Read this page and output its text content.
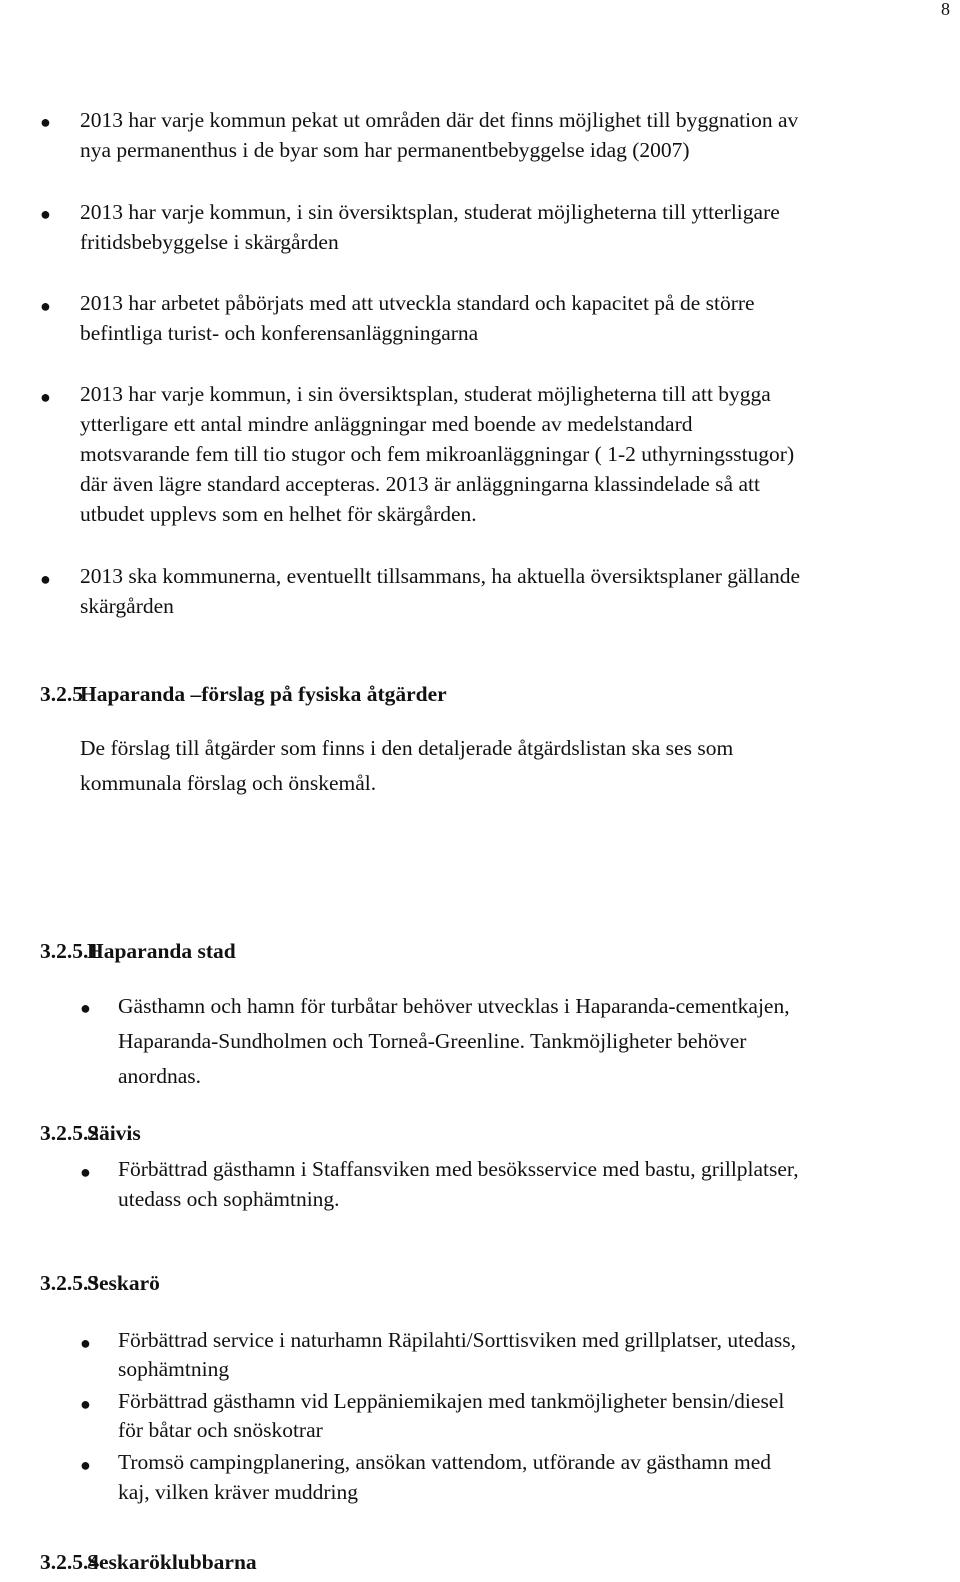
8
● 2013 har varje kommun pekat ut områden där det finns möjlighet till byggnation av
nya permanenthus i de byar som har permanentbebyggelse idag (2007)
● 2013 har varje kommun, i sin översiktsplan, studerat möjligheterna till ytterligare
fritidsbebyggelse i skärgården
● 2013 har arbetet påbörjats med att utveckla standard och kapacitet på de större
befintliga turist- och konferensanläggningarna
● 2013 har varje kommun, i sin översiktsplan, studerat möjligheterna till att bygga
ytterligare ett antal mindre anläggningar med boende av medelstandard
motsvarande fem till tio stugor och fem mikroanläggningar ( 1-2 uthyrningsstugor)
där även lägre standard accepteras. 2013 är anläggningarna klassindelade så att
utbudet upplevs som en helhet för skärgården.
● 2013 ska kommunerna, eventuellt tillsammans, ha aktuella översiktsplaner gällande
skärgården
3.2.5
Haparanda –förslag på fysiska åtgärder
De förslag till åtgärder som finns i den detaljerade åtgärdslistan ska ses som
kommunala förslag och önskemål.
3.2.5.1
Haparanda stad
● Gästhamn och hamn för turbåtar behöver utvecklas i Haparanda-cementkajen,
Haparanda-Sundholmen och Torneå-Greenline. Tankmöjligheter behöver
anordnas.
3.2.5.2
Säivis
● Förbättrad gästhamn i Staffansviken med besöksservice med bastu, grillplatser,
utedass och sophämtning.
3.2.5.3
Seskarö
● Förbättrad service i naturhamn Räpilahti/Sorttisviken med grillplatser, utedass,
sophämtning
● Förbättrad gästhamn vid Leppäniemikajen med tankmöjligheter bensin/diesel
för båtar och snöskotrar
● Tromsö campingplanering, ansökan vattendom, utförande av gästhamn med
kaj, vilken kräver muddring
3.2.5.4
Seskaröklubbarna
